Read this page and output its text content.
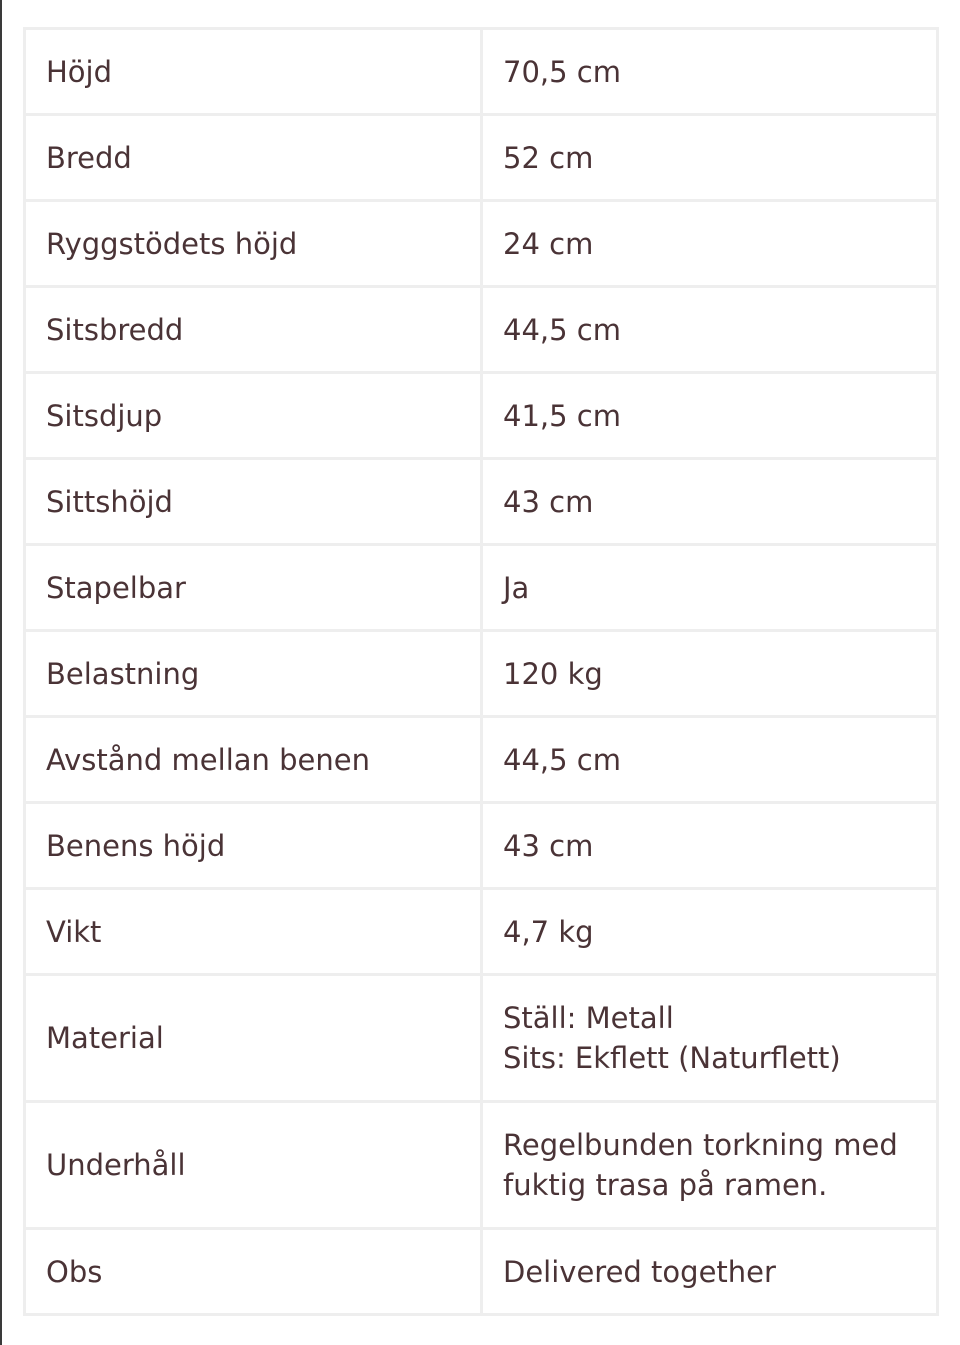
Höjd	70,5 cm

Bredd	52 cm

Ryggstödets höjd	24 cm

Sitsbredd	44,5 cm

Sitsdjup	41,5 cm

Sittshöjd	43 cm

Stapelbar	Ja

Belastning	120 kg

Avstånd mellan benen	44,5 cm

Benens höjd	43 cm

Vikt	4,7 kg

Material	Ställ: Metall
Sits: Ekflett (Naturflett)

Underhåll	Regelbunden torkning med
fuktig trasa på ramen.

Obs	Delivered together
